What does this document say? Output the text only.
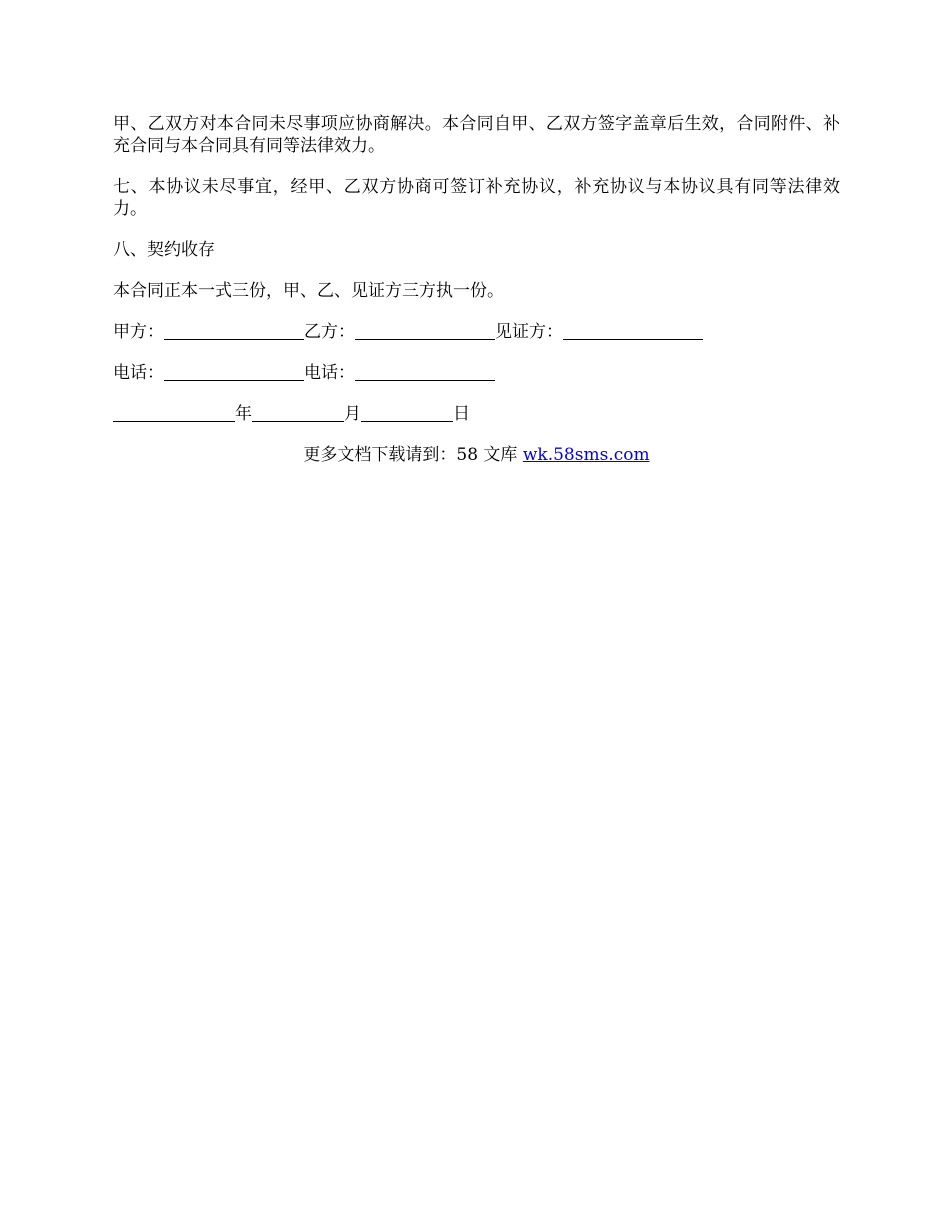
甲、乙双方对本合同未尽事项应协商解决。本合同自甲、乙双方签字盖章后生效，合同附件、补充合同与本合同具有同等法律效力。

七、本协议未尽事宜，经甲、乙双方协商可签订补充协议，补充协议与本协议具有同等法律效力。

八、契约收存

本合同正本一式三份，甲、乙、见证方三方执一份。

甲方：	乙方：	见证方：
电话：	电话：
年	月	日

更多文档下载请到：58 文库 wk.58sms.com
